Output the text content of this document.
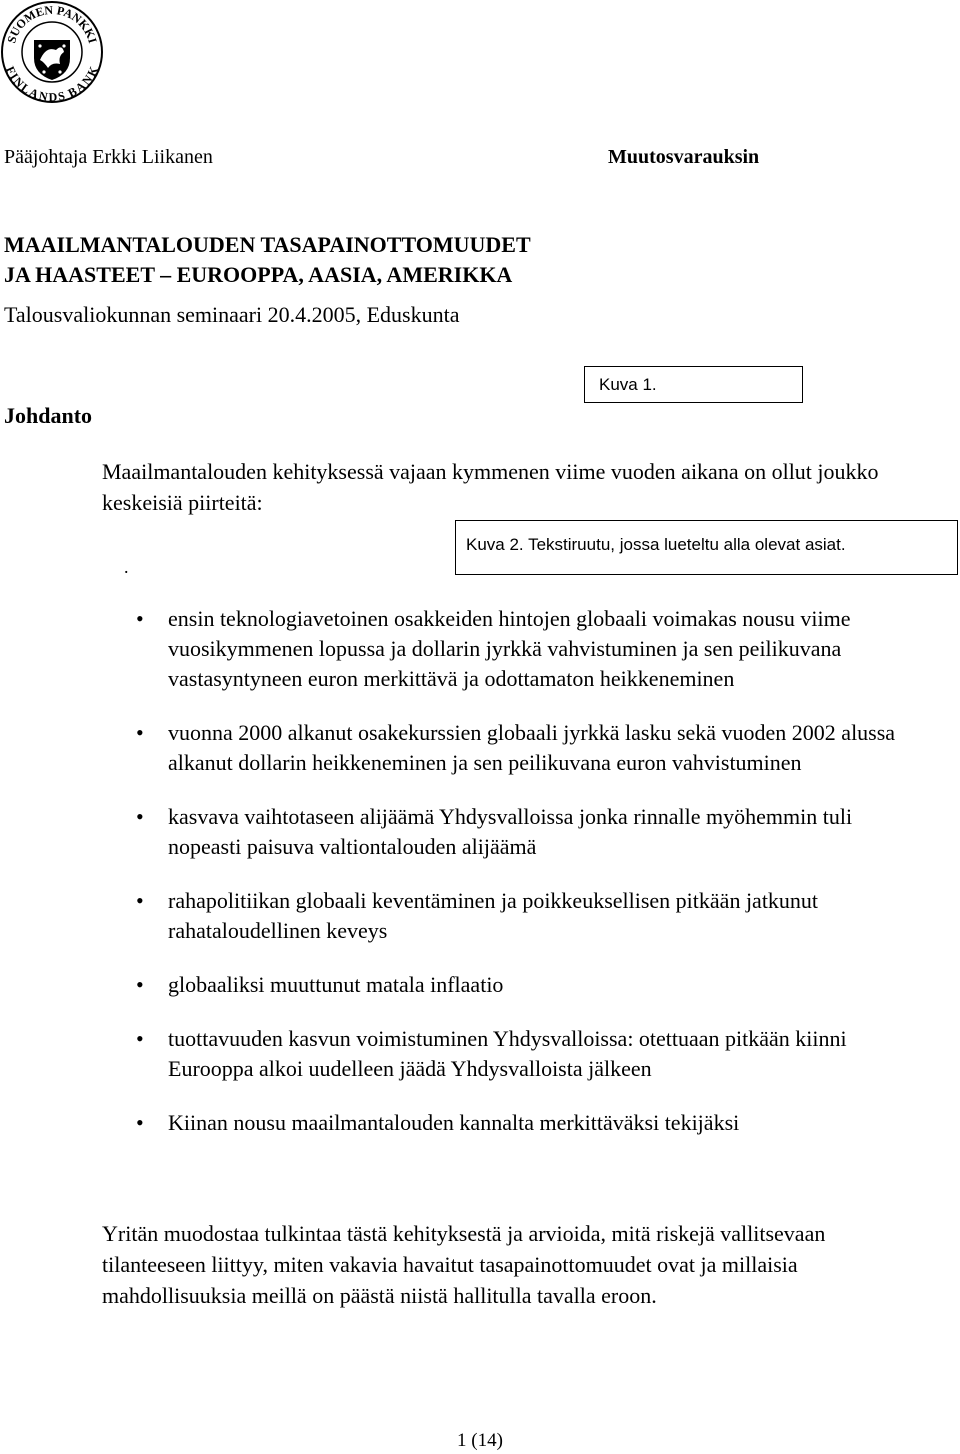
SUOMEN PANKKI
FINLANDS BANK
Pääjohtaja Erkki Liikanen	Muutosvarauksin
MAAILMANTALOUDEN TASAPAINOTTOMUUDET
JA HAASTEET – EUROOPPA, AASIA, AMERIKKA
Talousvaliokunnan seminaari 20.4.2005, Eduskunta
Johdanto
Kuva 1.
Maailmantalouden kehityksessä vajaan kymmenen viime vuoden aikana on ollut joukko keskeisiä piirteitä:
Kuva 2. Tekstiruutu, jossa lueteltu alla olevat asiat.
.
• ensin teknologiavetoinen osakkeiden hintojen globaali voimakas nousu viime vuosikymmenen lopussa ja dollarin jyrkkä vahvistuminen ja sen peilikuvana vastasyntyneen euron merkittävä ja odottamaton heikkeneminen
• vuonna 2000 alkanut osakekurssien globaali jyrkkä lasku sekä vuoden 2002 alussa alkanut dollarin heikkeneminen ja sen peilikuvana euron vahvistuminen
• kasvava vaihtotaseen alijäämä Yhdysvalloissa jonka rinnalle myöhemmin tuli nopeasti paisuva valtiontalouden alijäämä
• rahapolitiikan globaali keventäminen ja poikkeuksellisen pitkään jatkunut rahataloudellinen keveys
• globaaliksi muuttunut matala inflaatio
• tuottavuuden kasvun voimistuminen Yhdysvalloissa: otettuaan pitkään kiinni Eurooppa alkoi uudelleen jäädä Yhdysvalloista jälkeen
• Kiinan nousu maailmantalouden kannalta merkittäväksi tekijäksi
Yritän muodostaa tulkintaa tästä kehityksestä ja arvioida, mitä riskejä vallitsevaan tilanteeseen liittyy, miten vakavia havaitut tasapainottomuudet ovat ja millaisia mahdollisuuksia meillä on päästä niistä hallitulla tavalla eroon.
1 (14)
